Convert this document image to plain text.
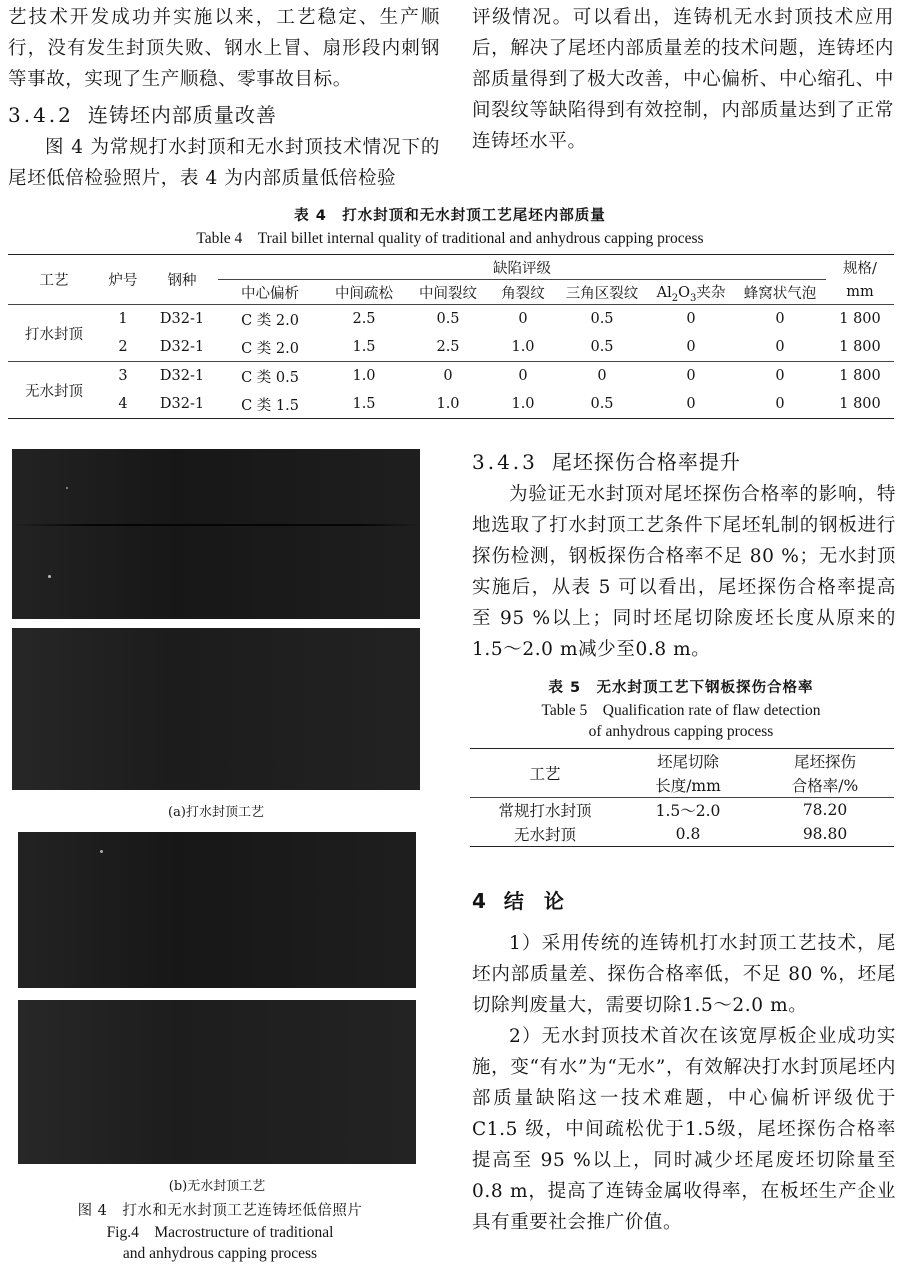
艺技术开发成功并实施以来，工艺稳定、生产顺行，没有发生封顶失败、钢水上冒、扇形段内刺钢等事故，实现了生产顺稳、零事故目标。

3.4.2 连铸坯内部质量改善

图 4 为常规打水封顶和无水封顶技术情况下的尾坯低倍检验照片，表 4 为内部质量低倍检验

评级情况。可以看出，连铸机无水封顶技术应用后，解决了尾坯内部质量差的技术问题，连铸坯内部质量得到了极大改善，中心偏析、中心缩孔、中间裂纹等缺陷得到有效控制，内部质量达到了正常连铸坯水平。

表 4　打水封顶和无水封顶工艺尾坯内部质量
Table 4　Trail billet internal quality of traditional and anhydrous capping process
工艺	炉号	钢种	缺陷评级							规格/
			中心偏析	中间疏松	中间裂纹	角裂纹	三角区裂纹	$Al_2O_3$夹杂	蜂窝状气泡	mm
打水封顶	1	D32-1	C 类 2.0	2.5	0.5	0	0.5	0	0	1 800
	2	D32-1	C 类 2.0	1.5	2.5	1.0	0.5	0	0	1 800
无水封顶	3	D32-1	C 类 0.5	1.0	0	0	0	0	0	1 800
	4	D32-1	C 类 1.5	1.5	1.0	1.0	0.5	0	0	1 800
(a)打水封顶工艺
(b)无水封顶工艺
图 4　打水和无水封顶工艺连铸坯低倍照片
Fig.4　Macrostructure of traditional
and anhydrous capping process
3.4.3 尾坯探伤合格率提升

为验证无水封顶对尾坯探伤合格率的影响，特地选取了打水封顶工艺条件下尾坯轧制的钢板进行探伤检测，钢板探伤合格率不足 80 %；无水封顶实施后，从表 5 可以看出，尾坯探伤合格率提高至 95 %以上；同时坯尾切除废坯长度从原来的 1.5～2.0 m减少至0.8 m。

表 5　无水封顶工艺下钢板探伤合格率
Table 5　Qualification rate of flaw detection
of anhydrous capping process
工艺	坯尾切除	尾坯探伤
	长度/mm	合格率/%
常规打水封顶	1.5～2.0	78.20
无水封顶	0.8	98.80
4 结　论

1）采用传统的连铸机打水封顶工艺技术，尾坯内部质量差、探伤合格率低，不足 80 %，坯尾切除判废量大，需要切除1.5～2.0 m。

2）无水封顶技术首次在该宽厚板企业成功实施，变“有水”为“无水”，有效解决打水封顶尾坯内部质量缺陷这一技术难题，中心偏析评级优于C1.5 级，中间疏松优于1.5级，尾坯探伤合格率提高至 95 %以上，同时减少坯尾废坯切除量至0.8 m，提高了连铸金属收得率，在板坯生产企业具有重要社会推广价值。
